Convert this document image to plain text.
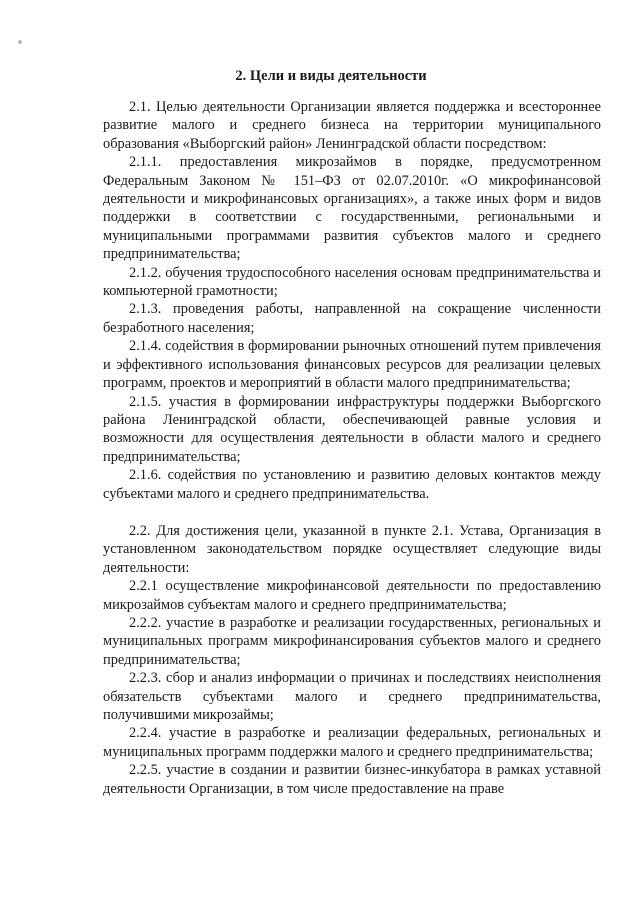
2. Цели и виды деятельности

2.1. Целью деятельности Организации является поддержка и всестороннее развитие малого и среднего бизнеса на территории муниципального образования «Выборгский район» Ленинградской области посредством:

2.1.1. предоставления микрозаймов в порядке, предусмотренном Федеральным Законом № 151–ФЗ от 02.07.2010г. «О микрофинансовой деятельности и микрофинансовых организациях», а также иных форм и видов поддержки в соответствии с государственными, региональными и муниципальными программами развития субъектов малого и среднего предпринимательства;

2.1.2. обучения трудоспособного населения основам предпринимательства и компьютерной грамотности;

2.1.3. проведения работы, направленной на сокращение численности безработного населения;

2.1.4. содействия в формировании рыночных отношений путем привлечения и эффективного использования финансовых ресурсов для реализации целевых программ, проектов и мероприятий в области малого предпринимательства;

2.1.5. участия в формировании инфраструктуры поддержки Выборгского района Ленинградской области, обеспечивающей равные условия и возможности для осуществления деятельности в области малого и среднего предпринимательства;

2.1.6. содействия по установлению и развитию деловых контактов между субъектами малого и среднего предпринимательства.

2.2. Для достижения цели, указанной в пункте 2.1. Устава, Организация в установленном законодательством порядке осуществляет следующие виды деятельности:

2.2.1 осуществление микрофинансовой деятельности по предоставлению микрозаймов субъектам малого и среднего предпринимательства;

2.2.2. участие в разработке и реализации государственных, региональных и муниципальных программ микрофинансирования субъектов малого и среднего предпринимательства;

2.2.3. сбор и анализ информации о причинах и последствиях неисполнения обязательств субъектами малого и среднего предпринимательства, получившими микрозаймы;

2.2.4. участие в разработке и реализации федеральных, региональных и муниципальных программ поддержки малого и среднего предпринимательства;

2.2.5. участие в создании и развитии бизнес-инкубатора в рамках уставной деятельности Организации, в том числе предоставление на праве
